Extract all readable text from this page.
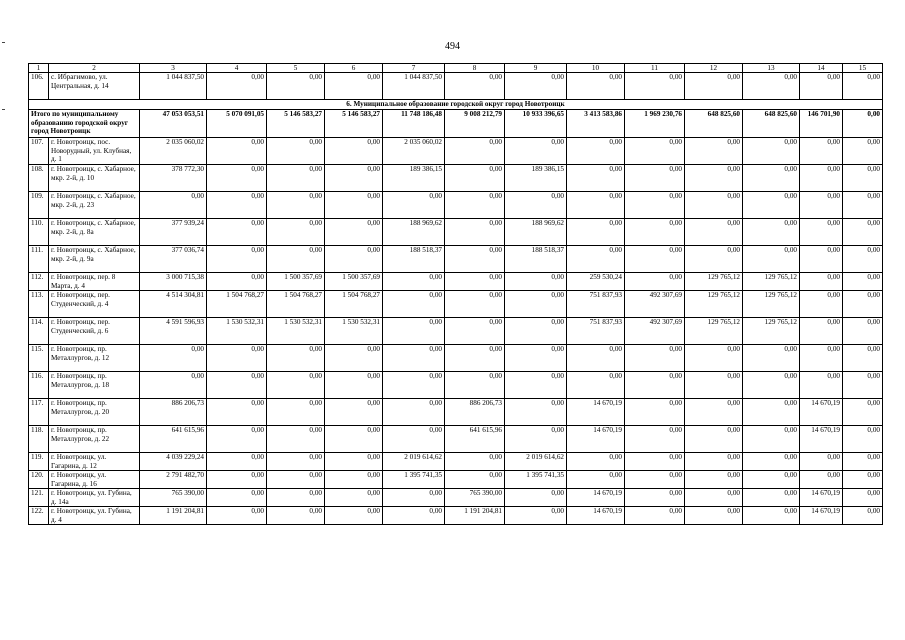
494
1	2	3	4	5	6	7	8	9	10	11	12	13	14	15
106.	с. Ибрагимово, ул. Центральная, д. 14	1 044 837,50	0,00	0,00	0,00	1 044 837,50	0,00	0,00	0,00	0,00	0,00	0,00	0,00	0,00
6. Муниципальное образование городской округ город Новотроицк														
Итого по муниципальному образованию городской округ город Новотроицк		47 053 053,51	5 070 091,05	5 146 583,27	5 146 583,27	11 748 186,48	9 008 212,79	10 933 396,65	3 413 583,86	1 969 230,76	648 825,60	648 825,60	146 701,90	0,00
107.	г. Новотроицк, пос. Новорудный, ул. Клубная, д. 1	2 035 060,02	0,00	0,00	0,00	2 035 060,02	0,00	0,00	0,00	0,00	0,00	0,00	0,00	0,00
108.	г. Новотроицк, с. Хабарное, мкр. 2-й, д. 10	378 772,30	0,00	0,00	0,00	189 386,15	0,00	189 386,15	0,00	0,00	0,00	0,00	0,00	0,00
109.	г. Новотроицк, с. Хабарное, мкр. 2-й, д. 23	0,00	0,00	0,00	0,00	0,00	0,00	0,00	0,00	0,00	0,00	0,00	0,00	0,00
110.	г. Новотроицк, с. Хабарное, мкр. 2-й, д. 8а	377 939,24	0,00	0,00	0,00	188 969,62	0,00	188 969,62	0,00	0,00	0,00	0,00	0,00	0,00
111.	г. Новотроицк, с. Хабарное, мкр. 2-й, д. 9а	377 036,74	0,00	0,00	0,00	188 518,37	0,00	188 518,37	0,00	0,00	0,00	0,00	0,00	0,00
112.	г. Новотроицк, пер. 8 Марта, д. 4	3 000 715,38	0,00	1 500 357,69	1 500 357,69	0,00	0,00	0,00	259 530,24	0,00	129 765,12	129 765,12	0,00	0,00
113.	г. Новотроицк, пер. Студенческий, д. 4	4 514 304,81	1 504 768,27	1 504 768,27	1 504 768,27	0,00	0,00	0,00	751 837,93	492 307,69	129 765,12	129 765,12	0,00	0,00
114.	г. Новотроицк, пер. Студенческий, д. 6	4 591 596,93	1 530 532,31	1 530 532,31	1 530 532,31	0,00	0,00	0,00	751 837,93	492 307,69	129 765,12	129 765,12	0,00	0,00
115.	г. Новотроицк, пр. Металлургов, д. 12	0,00	0,00	0,00	0,00	0,00	0,00	0,00	0,00	0,00	0,00	0,00	0,00	0,00
116.	г. Новотроицк, пр. Металлургов, д. 18	0,00	0,00	0,00	0,00	0,00	0,00	0,00	0,00	0,00	0,00	0,00	0,00	0,00
117.	г. Новотроицк, пр. Металлургов, д. 20	886 206,73	0,00	0,00	0,00	0,00	886 206,73	0,00	14 670,19	0,00	0,00	0,00	14 670,19	0,00
118.	г. Новотроицк, пр. Металлургов, д. 22	641 615,96	0,00	0,00	0,00	0,00	641 615,96	0,00	14 670,19	0,00	0,00	0,00	14 670,19	0,00
119.	г. Новотроицк, ул. Гагарина, д. 12	4 039 229,24	0,00	0,00	0,00	2 019 614,62	0,00	2 019 614,62	0,00	0,00	0,00	0,00	0,00	0,00
120.	г. Новотроицк, ул. Гагарина, д. 16	2 791 482,70	0,00	0,00	0,00	1 395 741,35	0,00	1 395 741,35	0,00	0,00	0,00	0,00	0,00	0,00
121.	г. Новотроицк, ул. Губина, д. 14а	765 390,00	0,00	0,00	0,00	0,00	765 390,00	0,00	14 670,19	0,00	0,00	0,00	14 670,19	0,00
122.	г. Новотроицк, ул. Губина, д. 4	1 191 204,81	0,00	0,00	0,00	0,00	1 191 204,81	0,00	14 670,19	0,00	0,00	0,00	14 670,19	0,00
